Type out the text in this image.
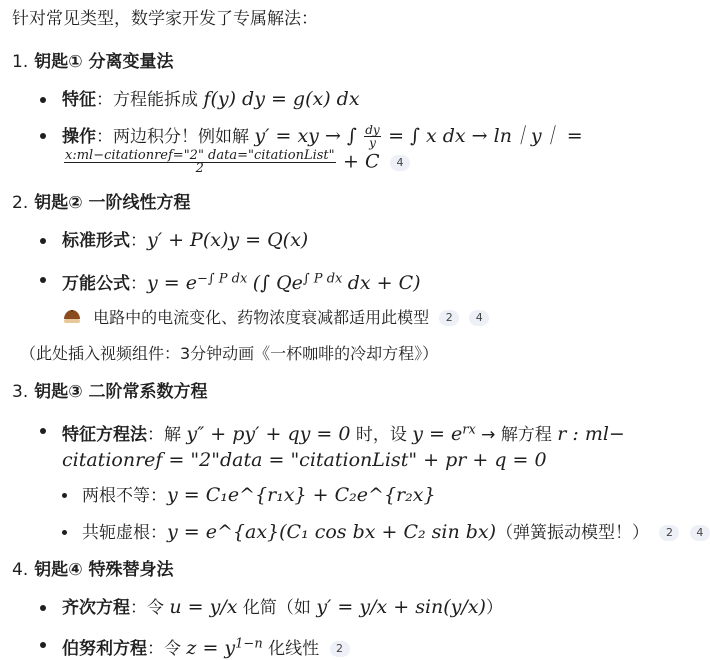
针对常见类型，数学家开发了专属解法：
1. 钥匙① 分离变量法
特征：方程能拆成 f(y) dy = g(x) dx
操作：两边积分！例如解 y′ = xy → ∫ $\frac{dy}{y}$ = ∫ x dx → ln｜y｜ =
$\frac{\text{x:ml−citationref="2" data="citationList"}}{2} + C$ 4
2. 钥匙② 一阶线性方程
标准形式：y′ + P(x)y = Q(x)
万能公式：$y = e^{-\int P dx}$ (∫ $Qe^{\int P dx}$ dx + C)
电路中的电流变化、药物浓度衰减都适用此模型 2 4
（此处插入视频组件：3分钟动画《一杯咖啡的冷却方程》）
3. 钥匙③ 二阶常系数方程
特征方程法：解 y″ + py′ + qy = 0 时，设 $y = e^{rx}$ → 解方程 r : ml−
citationref = "2"data = "citationList" + pr + q = 0
两根不等：y = C₁e^{r₁x} + C₂e^{r₂x}
共轭虚根：y = e^{ax}(C₁ cos bx + C₂ sin bx)（弹簧振动模型！） 2 4
4. 钥匙④ 特殊替身法
齐次方程：令 u = y/x 化简（如 y′ = y/x + sin(y/x)）
伯努利方程：令 $z = y^{1-n}$ 化线性 2
